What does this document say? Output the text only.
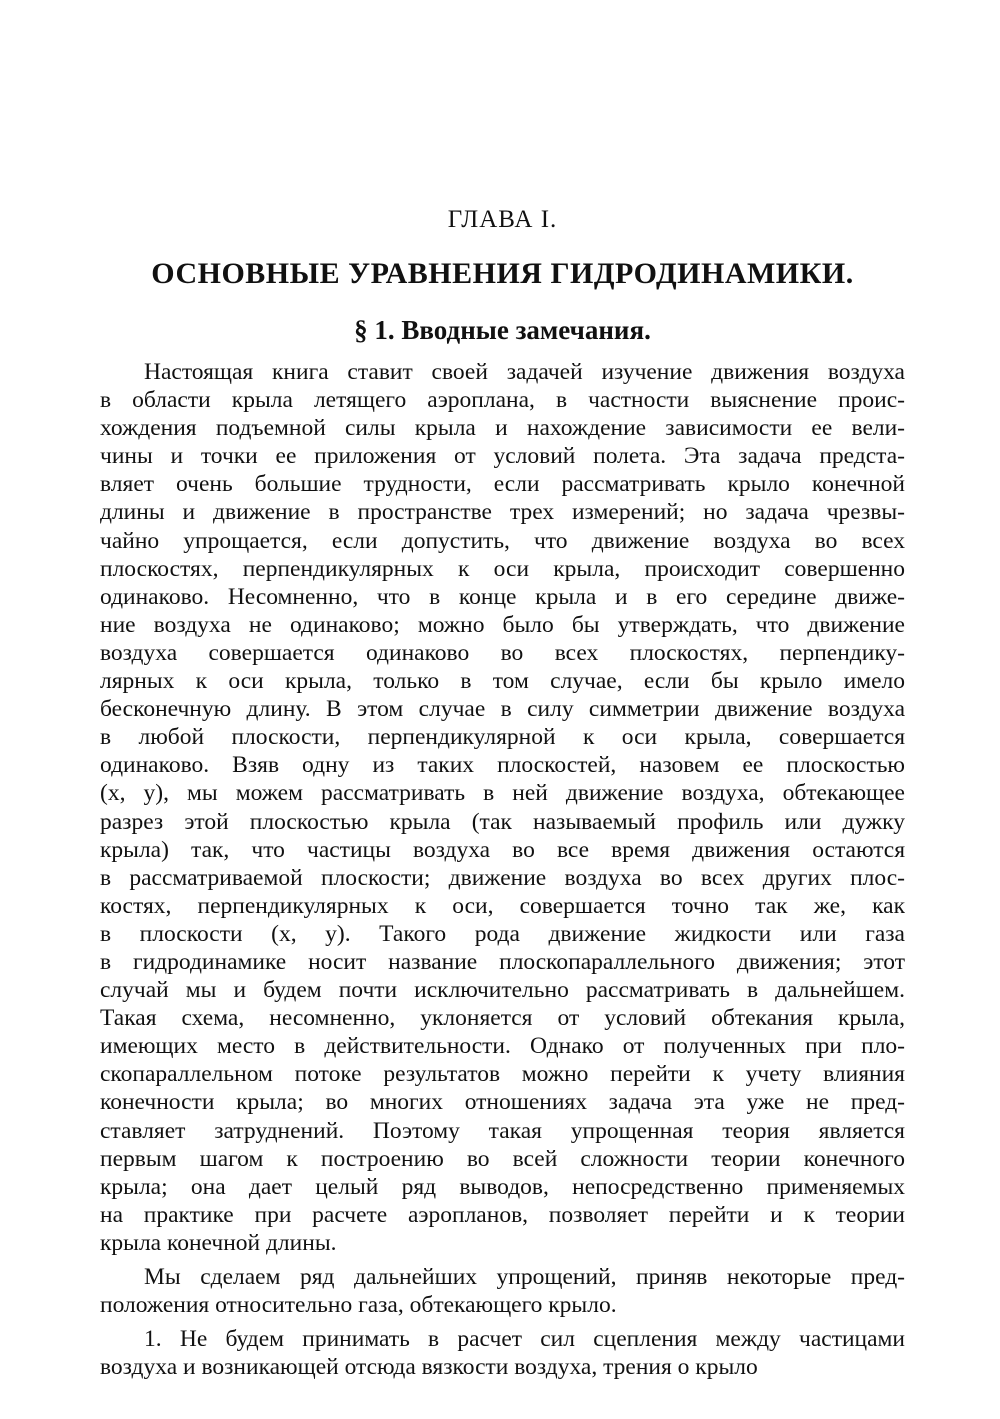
ГЛАВА I.
ОСНОВНЫЕ УРАВНЕНИЯ ГИДРОДИНАМИКИ.
§ 1. Вводные замечания.
Настоящая книга ставит своей задачей изучение движения воздуха
в области крыла летящего аэроплана, в частности выяснение проис-
хождения подъемной силы крыла и нахождение зависимости ее вели-
чины и точки ее приложения от условий полета. Эта задача предста-
вляет очень большие трудности, если рассматривать крыло конечной
длины и движение в пространстве трех измерений; но задача чрезвы-
чайно упрощается, если допустить, что движение воздуха во всех
плоскостях, перпендикулярных к оси крыла, происходит совершенно
одинаково. Несомненно, что в конце крыла и в его середине движе-
ние воздуха не одинаково; можно было бы утверждать, что движение
воздуха совершается одинаково во всех плоскостях, перпендику-
лярных к оси крыла, только в том случае, если бы крыло имело
бесконечную длину. В этом случае в силу симметрии движение воздуха
в любой плоскости, перпендикулярной к оси крыла, совершается
одинаково. Взяв одну из таких плоскостей, назовем ее плоскостью
(x, y), мы можем рассматривать в ней движение воздуха, обтекающее
разрез этой плоскостью крыла (так называемый профиль или дужку
крыла) так, что частицы воздуха во все время движения остаются
в рассматриваемой плоскости; движение воздуха во всех других плос-
костях, перпендикулярных к оси, совершается точно так же, как
в плоскости (x, y). Такого рода движение жидкости или газа
в гидродинамике носит название плоскопараллельного движения; этот
случай мы и будем почти исключительно рассматривать в дальнейшем.
Такая схема, несомненно, уклоняется от условий обтекания крыла,
имеющих место в действительности. Однако от полученных при пло-
скопараллельном потоке результатов можно перейти к учету влияния
конечности крыла; во многих отношениях задача эта уже не пред-
ставляет затруднений. Поэтому такая упрощенная теория является
первым шагом к построению во всей сложности теории конечного
крыла; она дает целый ряд выводов, непосредственно применяемых
на практике при расчете аэропланов, позволяет перейти и к теории
крыла конечной длины.
Мы сделаем ряд дальнейших упрощений, приняв некоторые пред-
положения относительно газа, обтекающего крыло.
1. Не будем принимать в расчет сил сцепления между частицами
воздуха и возникающей отсюда вязкости воздуха, трения о крыло
